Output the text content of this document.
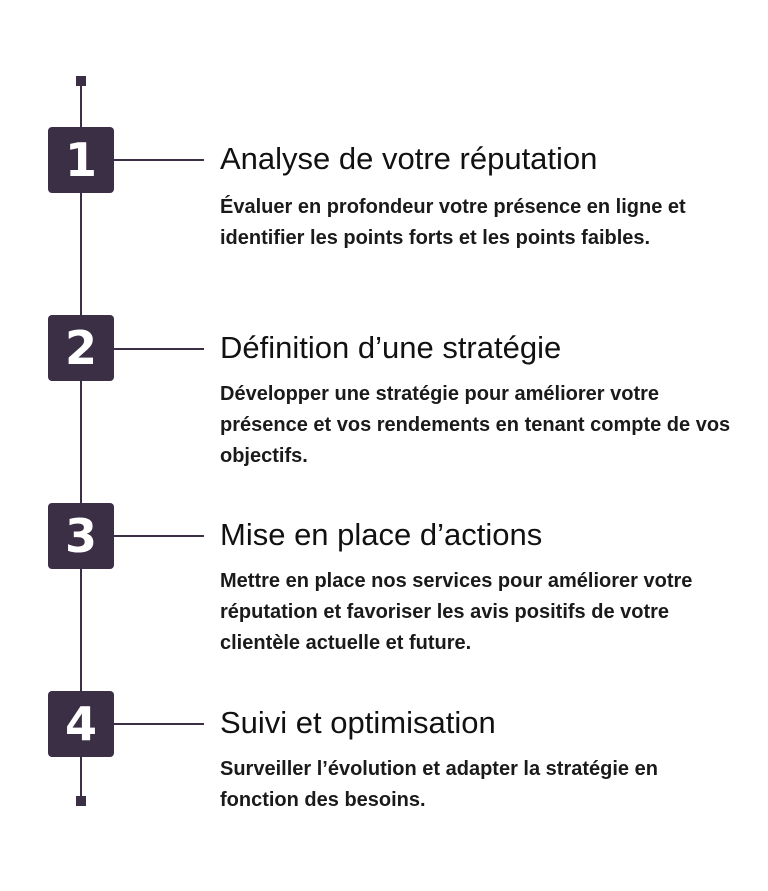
1	Analyse de votre réputation
Évaluer en profondeur votre présence en ligne et identifier les points forts et les points faibles.
2	Définition d’une stratégie
Développer une stratégie pour améliorer votre présence et vos rendements en tenant compte de vos objectifs.
3	Mise en place d’actions
Mettre en place nos services pour améliorer votre réputation et favoriser les avis positifs de votre clientèle actuelle et future.
4	Suivi et optimisation
Surveiller l’évolution et adapter la stratégie en fonction des besoins.
